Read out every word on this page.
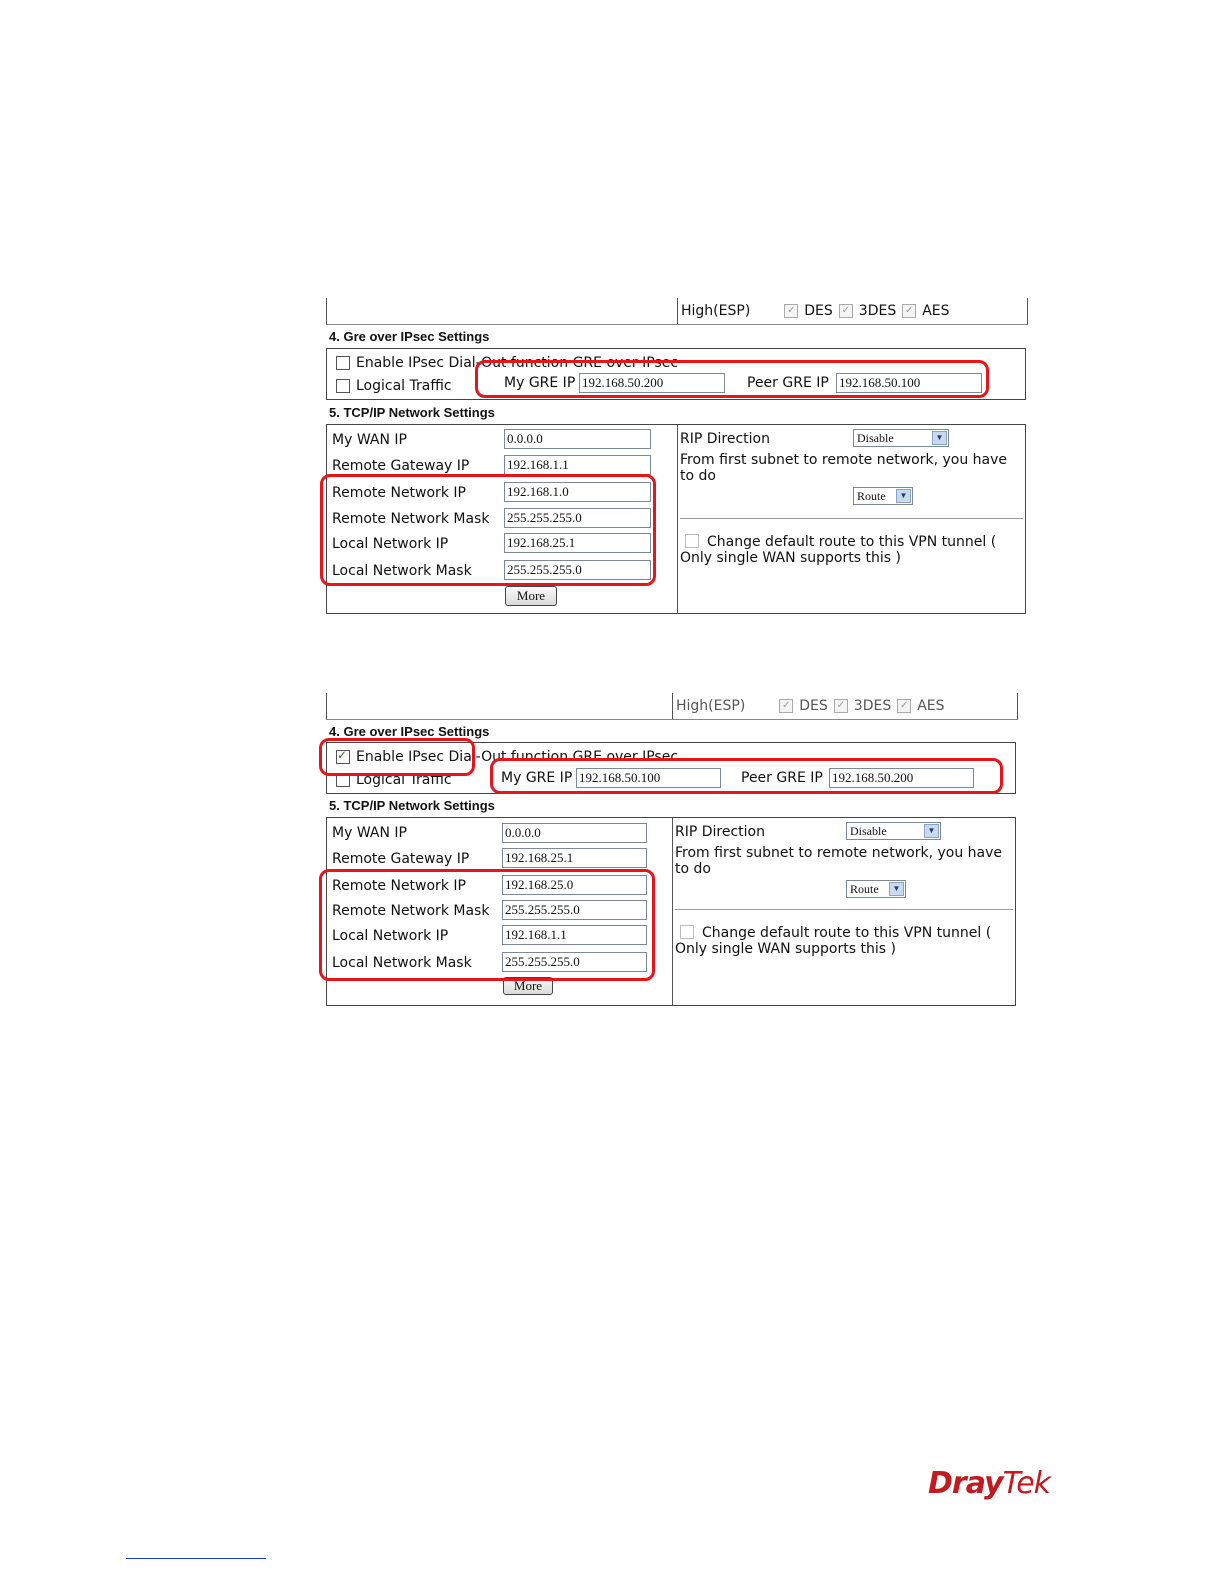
High(ESP)	✓ DES ✓ 3DES ✓ AES
4. Gre over IPsec Settings
Enable IPsec Dial-Out function GRE over IPsec
Logical Traffic	My GRE IP 192.168.50.200	Peer GRE IP 192.168.50.100
5. TCP/IP Network Settings
My WAN IP	0.0.0.0
Remote Gateway IP	192.168.1.1
Remote Network IP	192.168.1.0
Remote Network Mask 255.255.255.0
Local Network IP	192.168.25.1
Local Network Mask	255.255.255.0
More
RIP Direction	Disable	▼
From first subnet to remote network, you have to do
Route	▼
Change default route to this VPN tunnel ( Only single WAN supports this )
High(ESP)	✓ DES ✓ 3DES ✓ AES
4. Gre over IPsec Settings
✓
Enable IPsec Dial-Out function GRE over IPsec
Logical Traffic	My GRE IP 192.168.50.100	Peer GRE IP 192.168.50.200
5. TCP/IP Network Settings
My WAN IP	0.0.0.0
Remote Gateway IP	192.168.25.1
Remote Network IP	192.168.25.0
Remote Network Mask 255.255.255.0
Local Network IP	192.168.1.1
Local Network Mask	255.255.255.0
More
RIP Direction	Disable	▼
From first subnet to remote network, you have to do
Route	▼
Change default route to this VPN tunnel ( Only single WAN supports this )
DrayTek
